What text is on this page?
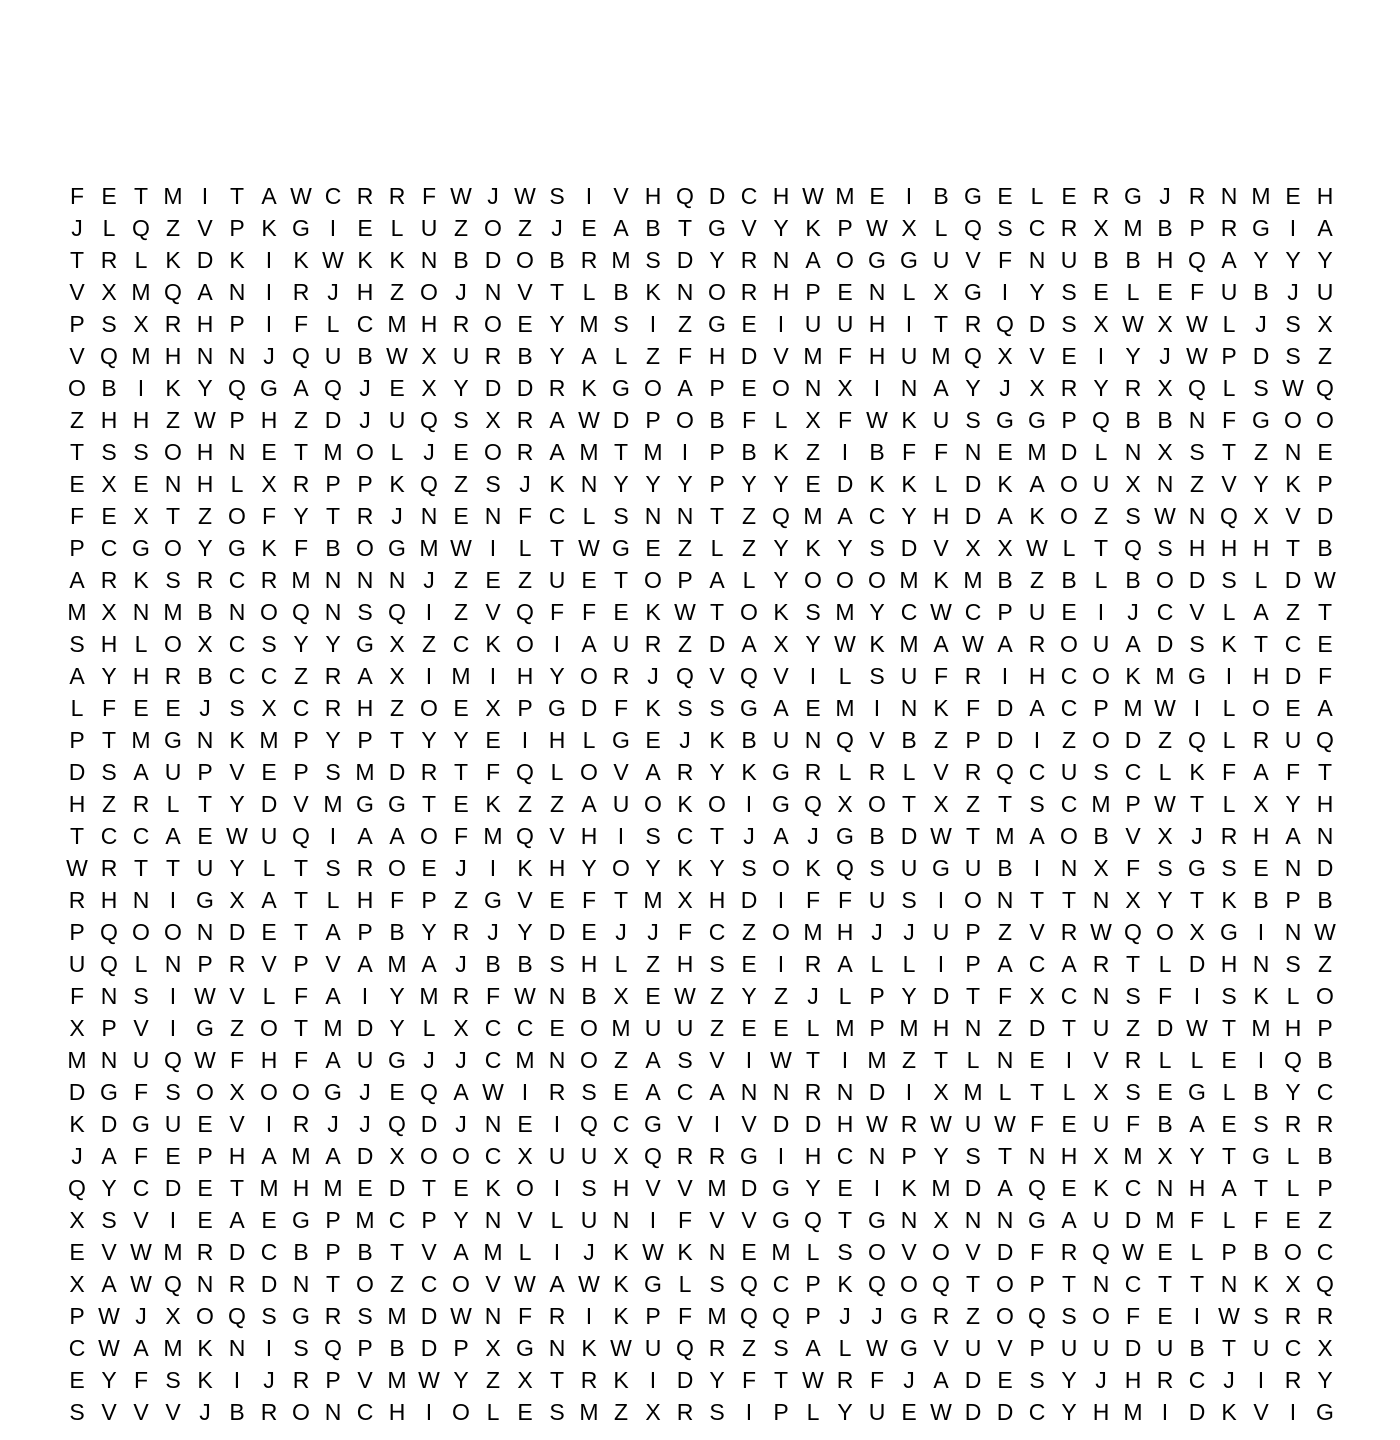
F E T M I T A W C R R F W J W S I V H Q D C H W M E I B G E L E R G J R N M E H
J L Q Z V P K G I E L U Z O Z J E A B T G V Y K P W X L Q S C R X M B P R G I A
T R L K D K I K W K K N B D O B R M S D Y R N A O G G U V F N U B B H Q A Y Y Y
V X M Q A N I R J H Z O J N V T L B K N O R H P E N L X G I Y S E L E F U B J U
P S X R H P I F L C M H R O E Y M S I Z G E I U U H I T R Q D S X W X W L J S X
V Q M H N N J Q U B W X U R B Y A L Z F H D V M F H U M Q X V E I Y J W P D S Z
O B I K Y Q G A Q J E X Y D D R K G O A P E O N X I N A Y J X R Y R X Q L S W Q
Z H H Z W P H Z D J U Q S X R A W D P O B F L X F W K U S G G P Q B B N F G O O
T S S O H N E T M O L J E O R A M T M I P B K Z I B F F N E M D L N X S T Z N E
E X E N H L X R P P K Q Z S J K N Y Y Y P Y Y E D K K L D K A O U X N Z V Y K P
F E X T Z O F Y T R J N E N F C L S N N T Z Q M A C Y H D A K O Z S W N Q X V D
P C G O Y G K F B O G M W I L T W G E Z L Z Y K Y S D V X X W L T Q S H H H T B
A R K S R C R M N N N J Z E Z U E T O P A L Y O O O M K M B Z B L B O D S L D W
M X N M B N O Q N S Q I Z V Q F F E K W T O K S M Y C W C P U E I	J C V L A Z T
S H L O X C S Y Y G X Z C K O I A U R Z D A X Y W K M A W A R O U A D S K T C E
A Y H R B C C Z R A X I M I H Y O R J Q V Q V I L S U F R I H C O K M G I H D F
L F E E J S X C R H Z O E X P G D F K S S G A E M I N K F D A C P M W I L O E A
P T M G N K M P Y P T Y Y E I H L G E J K B U N Q V B Z P D I Z O D Z Q L R U Q
D S A U P V E P S M D R T F Q L O V A R Y K G R L R L V R Q C U S C L K F A F T
H Z R L T Y D V M G G T E K Z Z A U O K O I G Q X O T X Z T S C M P W T L X Y H
T C C A E W U Q I A A O F M Q V H I S C T J A J G B D W T M A O B V X J R H A N
W R T T U Y L T S R O E J	I K H Y O Y K Y S O K Q S U G U B I N X F S G S E N D
R H N I G X A T L H F P Z G V E F T M X H D I F F U S I O N T T N X Y T K B P B
P Q O O N D E T A P B Y R J Y D E J J F C Z O M H J J U P Z V R W Q O X G I N W
U Q L N P R V P V A M A J B B S H L Z H S E I R A L L I P A C A R T L D H N S Z
F N S I W V L F A I Y M R F W N B X E W Z Y Z J L P Y D T F X C N S F I S K L O
X P V I G Z O T M D Y L X C C E O M U U Z E E L M P M H N Z D T U Z D W T M H P
M N U Q W F H F A U G J J C M N O Z A S V I W T I M Z T L N E I V R L L E I Q B
D G F S O X O O G J E Q A W I R S E A C A N N R N D I X M L T L X S E G L B Y C
K D G U E V I R J J Q D J N E I Q C G V I V D D H W R W U W F E U F B A E S R R
J A F E P H A M A D X O O C X U U X Q R R G I H C N P Y S T N H X M X Y T G L B
Q Y C D E T M H M E D T E K O I S H V V M D G Y E I K M D A Q E K C N H A T L P
X S V I E A E G P M C P Y N V L U N I F V V G Q T G N X N N G A U D M F L F E Z
E V W M R D C B P B T V A M L I	J K W K N E M L S O V O V D F R Q W E L P B O C
X A W Q N R D N T O Z C O V W A W K G L S Q C P K Q O Q T O P T N C T T N K X Q
P W J X O Q S G R S M D W N F R I K P F M Q Q P J J G R Z O Q S O F E I W S R R
C W A M K N I S Q P B D P X G N K W U Q R Z S A L W G V U V P U U D U B T U C X
E Y F S K I	J R P V M W Y Z X T R K I D Y F T W R F J A D E S Y J H R C J	I R Y
S V V V J B R O N C H I O L E S M Z X R S I P L Y U E W D D C Y H M I D K V I G
